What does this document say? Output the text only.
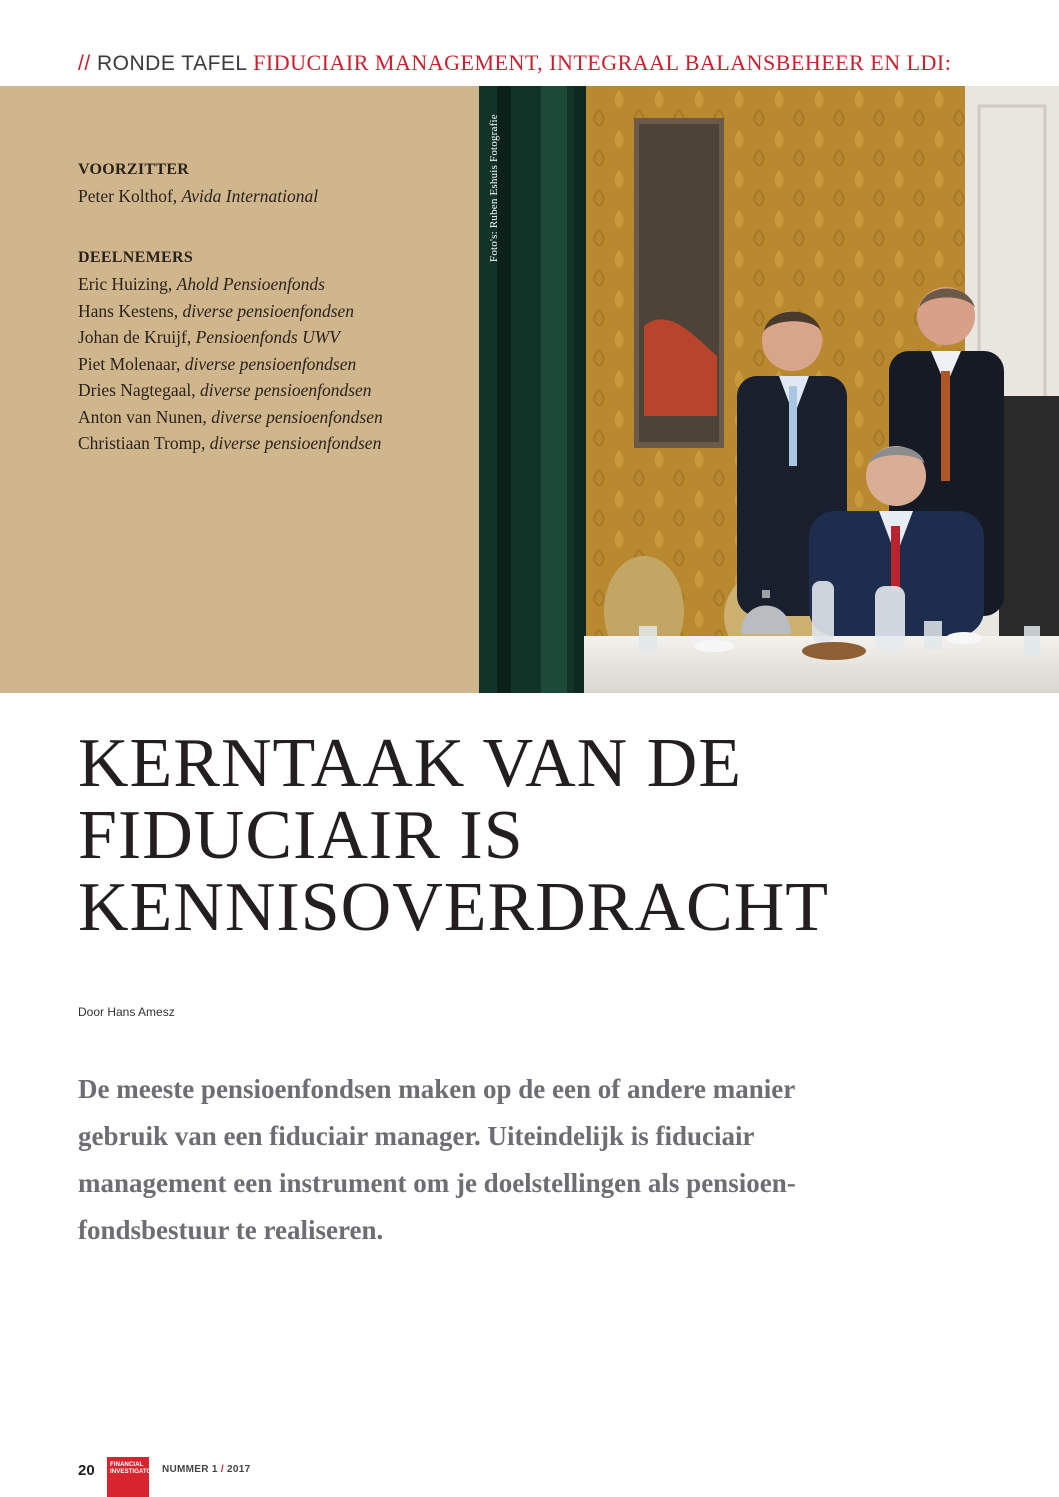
// RONDE TAFEL FIDUCIAIR MANAGEMENT, INTEGRAAL BALANSBEHEER EN LDI:
VOORZITTER
Peter Kolthof, Avida International
DEELNEMERS
Eric Huizing, Ahold Pensioenfonds
Hans Kestens, diverse pensioenfondsen
Johan de Kruijf, Pensioenfonds UWV
Piet Molenaar, diverse pensioenfondsen
Dries Nagtegaal, diverse pensioenfondsen
Anton van Nunen, diverse pensioenfondsen
Christiaan Tromp, diverse pensioenfondsen
Foto's: Ruben Eshuis Fotografie
KERNTAAK VAN DE
FIDUCIAIR IS
KENNISOVERDRACHT
Door Hans Amesz
De meeste pensioenfondsen maken op de een of andere manier
gebruik van een fiduciair manager. Uiteindelijk is fiduciair
management een instrument om je doelstellingen als pensioen-
fondsbestuur te realiseren.
20 FINANCIAL
INVESTIGATOR NUMMER 1 / 2017
